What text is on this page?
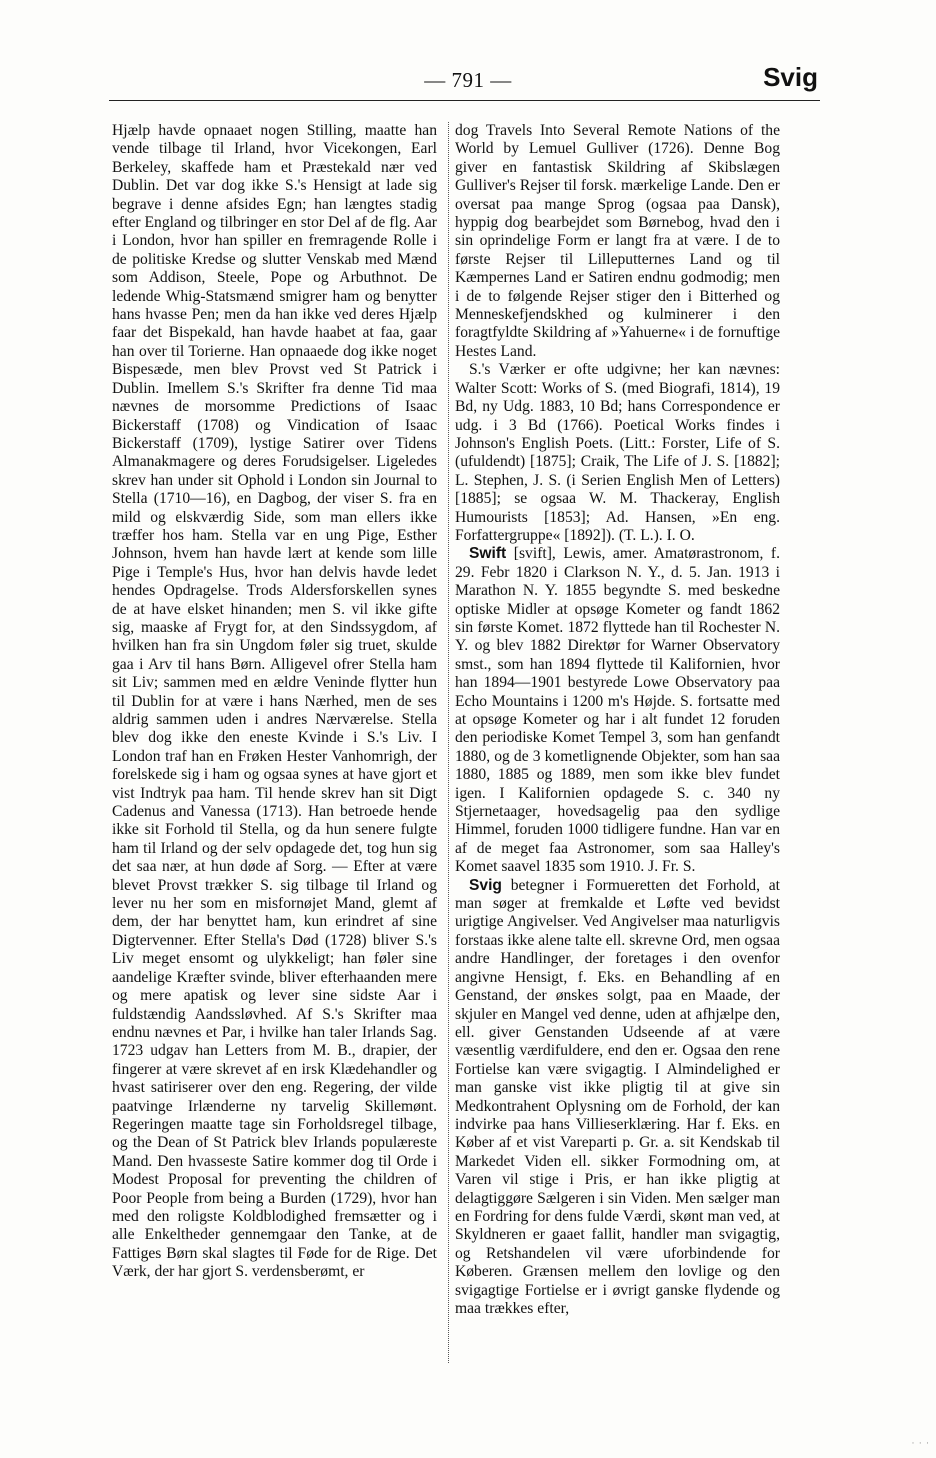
— 791 —	Svig

Hjælp havde opnaaet nogen Stilling, maatte han vende tilbage til Irland, hvor Vicekongen, Earl Berkeley, skaffede ham et Præstekald nær ved Dublin. Det var dog ikke S.'s Hensigt at lade sig begrave i denne afsides Egn; han længtes stadig efter England og tilbringer en stor Del af de flg. Aar i London, hvor han spiller en fremragende Rolle i de politiske Kredse og slutter Venskab med Mænd som Addison, Steele, Pope og Arbuthnot. De ledende Whig-Statsmænd smigrer ham og benytter hans hvasse Pen; men da han ikke ved deres Hjælp faar det Bispekald, han havde haabet at faa, gaar han over til Torierne. Han opnaaede dog ikke noget Bispesæde, men blev Provst ved St Patrick i Dublin. Imellem S.'s Skrifter fra denne Tid maa nævnes de morsomme Predictions of Isaac Bickerstaff (1708) og Vindication of Isaac Bickerstaff (1709), lystige Satirer over Tidens Almanakmagere og deres Forudsigelser. Ligeledes skrev han under sit Ophold i London sin Journal to Stella (1710—16), en Dagbog, der viser S. fra en mild og elskværdig Side, som man ellers ikke træffer hos ham. Stella var en ung Pige, Esther Johnson, hvem han havde lært at kende som lille Pige i Temple's Hus, hvor han delvis havde ledet hendes Opdragelse. Trods Aldersforskellen synes de at have elsket hinanden; men S. vil ikke gifte sig, maaske af Frygt for, at den Sindssygdom, af hvilken han fra sin Ungdom føler sig truet, skulde gaa i Arv til hans Børn. Alligevel ofrer Stella ham sit Liv; sammen med en ældre Veninde flytter hun til Dublin for at være i hans Nærhed, men de ses aldrig sammen uden i andres Nærværelse. Stella blev dog ikke den eneste Kvinde i S.'s Liv. I London traf han en Frøken Hester Vanhomrigh, der forelskede sig i ham og ogsaa synes at have gjort et vist Indtryk paa ham. Til hende skrev han sit Digt Cadenus and Vanessa (1713). Han betroede hende ikke sit Forhold til Stella, og da hun senere fulgte ham til Irland og der selv opdagede det, tog hun sig det saa nær, at hun døde af Sorg. — Efter at være blevet Provst trækker S. sig tilbage til Irland og lever nu her som en misfornøjet Mand, glemt af dem, der har benyttet ham, kun erindret af sine Digtervenner. Efter Stella's Død (1728) bliver S.'s Liv meget ensomt og ulykkeligt; han føler sine aandelige Kræfter svinde, bliver efterhaanden mere og mere apatisk og lever sine sidste Aar i fuldstændig Aandssløvhed. Af S.'s Skrifter maa endnu nævnes et Par, i hvilke han taler Irlands Sag. 1723 udgav han Letters from M. B., drapier, der fingerer at være skrevet af en irsk Klædehandler og hvast satiriserer over den eng. Regering, der vilde paatvinge Irlænderne ny tarvelig Skillemønt. Regeringen maatte tage sin Forholdsregel tilbage, og the Dean of St Patrick blev Irlands populæreste Mand. Den hvasseste Satire kommer dog til Orde i Modest Proposal for preventing the children of Poor People from being a Burden (1729), hvor han med den roligste Koldblodighed fremsætter og i alle Enkeltheder gennemgaar den Tanke, at de Fattiges Børn skal slagtes til Føde for de Rige. Det Værk, der har gjort S. verdensberømt, er

dog Travels Into Several Remote Nations of the World by Lemuel Gulliver (1726). Denne Bog giver en fantastisk Skildring af Skibslægen Gulliver's Rejser til forsk. mærkelige Lande. Den er oversat paa mange Sprog (ogsaa paa Dansk), hyppig dog bearbejdet som Børnebog, hvad den i sin oprindelige Form er langt fra at være. I de to første Rejser til Lilleputternes Land og til Kæmpernes Land er Satiren endnu godmodig; men i de to følgende Rejser stiger den i Bitterhed og Menneskefjendskhed og kulminerer i den foragtfyldte Skildring af »Yahuerne« i de fornuftige Hestes Land.

S.'s Værker er ofte udgivne; her kan nævnes: Walter Scott: Works of S. (med Biografi, 1814), 19 Bd, ny Udg. 1883, 10 Bd; hans Correspondence er udg. i 3 Bd (1766). Poetical Works findes i Johnson's English Poets. (Litt.: Forster, Life of S. (ufuldendt) [1875]; Craik, The Life of J. S. [1882]; L. Stephen, J. S. (i Serien English Men of Letters) [1885]; se ogsaa W. M. Thackeray, English Humourists [1853]; Ad. Hansen, »En eng. Forfattergruppe« [1892]). (T. L.). I. O.

Swift [svift], Lewis, amer. Amatørastronom, f. 29. Febr 1820 i Clarkson N. Y., d. 5. Jan. 1913 i Marathon N. Y. 1855 begyndte S. med beskedne optiske Midler at opsøge Kometer og fandt 1862 sin første Komet. 1872 flyttede han til Rochester N. Y. og blev 1882 Direktør for Warner Observatory smst., som han 1894 flyttede til Kalifornien, hvor han 1894—1901 bestyrede Lowe Observatory paa Echo Mountains i 1200 m's Højde. S. fortsatte med at opsøge Kometer og har i alt fundet 12 foruden den periodiske Komet Tempel 3, som han genfandt 1880, og de 3 kometlignende Objekter, som han saa 1880, 1885 og 1889, men som ikke blev fundet igen. I Kalifornien opdagede S. c. 340 ny Stjernetaager, hovedsagelig paa den sydlige Himmel, foruden 1000 tidligere fundne. Han var en af de meget faa Astronomer, som saa Halley's Komet saavel 1835 som 1910. J. Fr. S.

Svig betegner i Formueretten det Forhold, at man søger at fremkalde et Løfte ved bevidst urigtige Angivelser. Ved Angivelser maa naturligvis forstaas ikke alene talte ell. skrevne Ord, men ogsaa andre Handlinger, der foretages i den ovenfor angivne Hensigt, f. Eks. en Behandling af en Genstand, der ønskes solgt, paa en Maade, der skjuler en Mangel ved denne, uden at afhjælpe den, ell. giver Genstanden Udseende af at være væsentlig værdifuldere, end den er. Ogsaa den rene Fortielse kan være svigagtig. I Almindelighed er man ganske vist ikke pligtig til at give sin Medkontrahent Oplysning om de Forhold, der kan indvirke paa hans Villieserklæring. Har f. Eks. en Køber af et vist Vareparti p. Gr. a. sit Kendskab til Markedet Viden ell. sikker Formodning om, at Varen vil stige i Pris, er han ikke pligtig at delagtiggøre Sælgeren i sin Viden. Men sælger man en Fordring for dens fulde Værdi, skønt man ved, at Skyldneren er gaaet fallit, handler man svigagtig, og Retshandelen vil være uforbindende for Køberen. Grænsen mellem den lovlige og den svigagtige Fortielse er i øvrigt ganske flydende og maa trækkes efter,

· · ·
